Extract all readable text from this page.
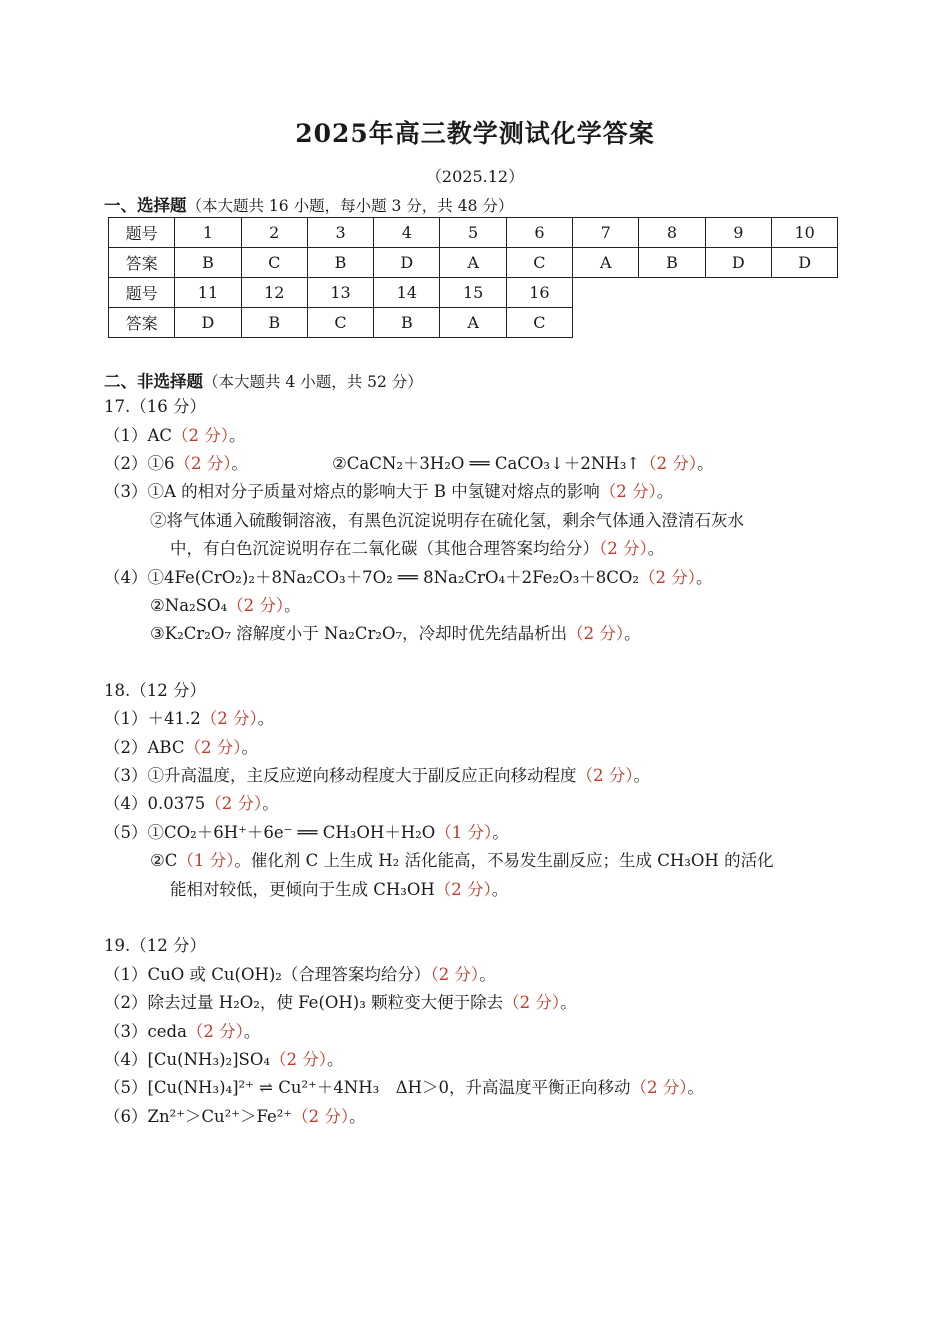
2025年高三教学测试化学答案
（2025.12）
一、选择题（本大题共 16 小题，每小题 3 分，共 48 分）
题号	1	2	3	4	5	6	7	8	9	10
答案	B	C	B	D	A	C	A	B	D	D
题号	11	12	13	14	15	16				
答案	D	B	C	B	A	C				
二、非选择题（本大题共 4 小题，共 52 分）
17.（16 分）
（1）AC（2 分）。
（2）①6（2 分）。	②CaCN₂＋3H₂O ══ CaCO₃↓＋2NH₃↑（2 分）。
（3）①A 的相对分子质量对熔点的影响大于 B 中氢键对熔点的影响（2 分）。
②将气体通入硫酸铜溶液，有黑色沉淀说明存在硫化氢，剩余气体通入澄清石灰水
中，有白色沉淀说明存在二氧化碳（其他合理答案均给分）（2 分）。
（4）①4Fe(CrO₂)₂＋8Na₂CO₃＋7O₂ ══ 8Na₂CrO₄＋2Fe₂O₃＋8CO₂（2 分）。
②Na₂SO₄（2 分）。
③K₂Cr₂O₇ 溶解度小于 Na₂Cr₂O₇，冷却时优先结晶析出（2 分）。
18.（12 分）
（1）＋41.2（2 分）。
（2）ABC（2 分）。
（3）①升高温度，主反应逆向移动程度大于副反应正向移动程度（2 分）。
（4）0.0375（2 分）。
（5）①CO₂＋6H⁺＋6e⁻ ══ CH₃OH＋H₂O（1 分）。
②C（1 分）。催化剂 C 上生成 H₂ 活化能高，不易发生副反应；生成 CH₃OH 的活化
能相对较低，更倾向于生成 CH₃OH（2 分）。
19.（12 分）
（1）CuO 或 Cu(OH)₂（合理答案均给分）（2 分）。
（2）除去过量 H₂O₂，使 Fe(OH)₃ 颗粒变大便于除去（2 分）。
（3）ceda（2 分）。
（4）[Cu(NH₃)₂]SO₄（2 分）。
（5）[Cu(NH₃)₄]²⁺ ⇌ Cu²⁺＋4NH₃　ΔH＞0，升高温度平衡正向移动（2 分）。
（6）Zn²⁺＞Cu²⁺＞Fe²⁺（2 分）。
